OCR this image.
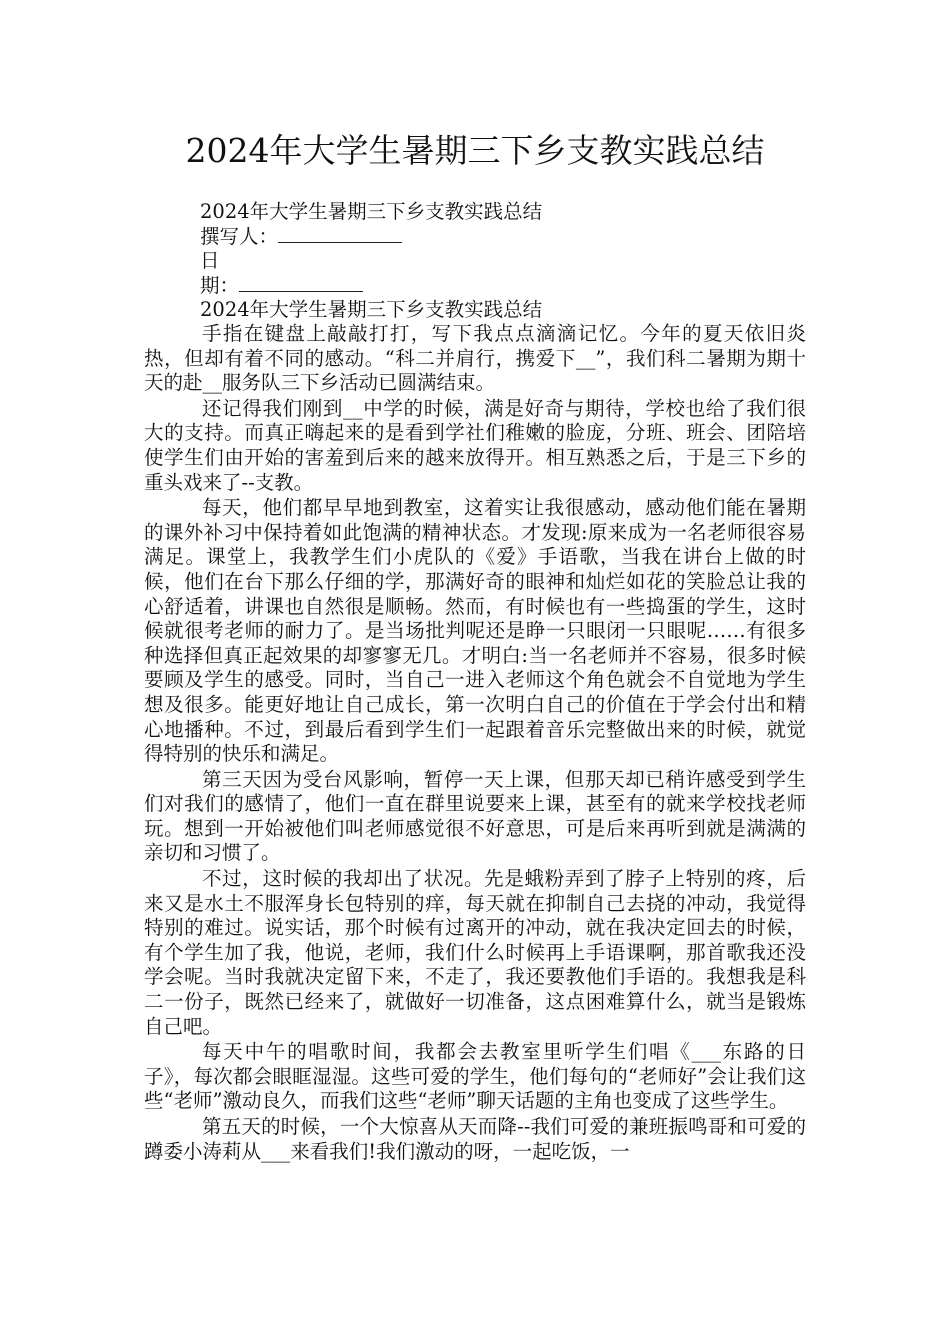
2024年大学生暑期三下乡支教实践总结
2024年大学生暑期三下乡支教实践总结
撰写人：
日
期：
2024年大学生暑期三下乡支教实践总结

手指在键盘上敲敲打打，写下我点点滴滴记忆。今年的夏天依旧炎热，但却有着不同的感动。“科二并肩行，携爱下__”，我们科二暑期为期十天的赴__服务队三下乡活动已圆满结束。

还记得我们刚到__中学的时候，满是好奇与期待，学校也给了我们很大的支持。而真正嗨起来的是看到学社们稚嫩的脸庞，分班、班会、团陪培使学生们由开始的害羞到后来的越来放得开。相互熟悉之后，于是三下乡的重头戏来了--支教。

每天，他们都早早地到教室，这着实让我很感动，感动他们能在暑期的课外补习中保持着如此饱满的精神状态。才发现:原来成为一名老师很容易满足。课堂上，我教学生们小虎队的《爱》手语歌，当我在讲台上做的时候，他们在台下那么仔细的学，那满好奇的眼神和灿烂如花的笑脸总让我的心舒适着，讲课也自然很是顺畅。然而，有时候也有一些捣蛋的学生，这时候就很考老师的耐力了。是当场批判呢还是睁一只眼闭一只眼呢……有很多种选择但真正起效果的却寥寥无几。才明白:当一名老师并不容易，很多时候要顾及学生的感受。同时，当自己一进入老师这个角色就会不自觉地为学生想及很多。能更好地让自己成长，第一次明白自己的价值在于学会付出和精心地播种。不过，到最后看到学生们一起跟着音乐完整做出来的时候，就觉得特别的快乐和满足。

第三天因为受台风影响，暂停一天上课，但那天却已稍许感受到学生们对我们的感情了，他们一直在群里说要来上课，甚至有的就来学校找老师玩。想到一开始被他们叫老师感觉很不好意思，可是后来再听到就是满满的亲切和习惯了。

不过，这时候的我却出了状况。先是蛾粉弄到了脖子上特别的疼，后来又是水土不服浑身长包特别的痒，每天就在抑制自己去挠的冲动，我觉得特别的难过。说实话，那个时候有过离开的冲动，就在我决定回去的时候，有个学生加了我，他说，老师，我们什么时候再上手语课啊，那首歌我还没学会呢。当时我就决定留下来，不走了，我还要教他们手语的。我想我是科二一份子，既然已经来了，就做好一切准备，这点困难算什么，就当是锻炼自己吧。

每天中午的唱歌时间，我都会去教室里听学生们唱《___东路的日子》，每次都会眼眶湿湿。这些可爱的学生，他们每句的“老师好”会让我们这些“老师”激动良久，而我们这些“老师”聊天话题的主角也变成了这些学生。

第五天的时候，一个大惊喜从天而降--我们可爱的兼班振鸣哥和可爱的蹲委小涛莉从___来看我们!我们激动的呀，一起吃饭，一
